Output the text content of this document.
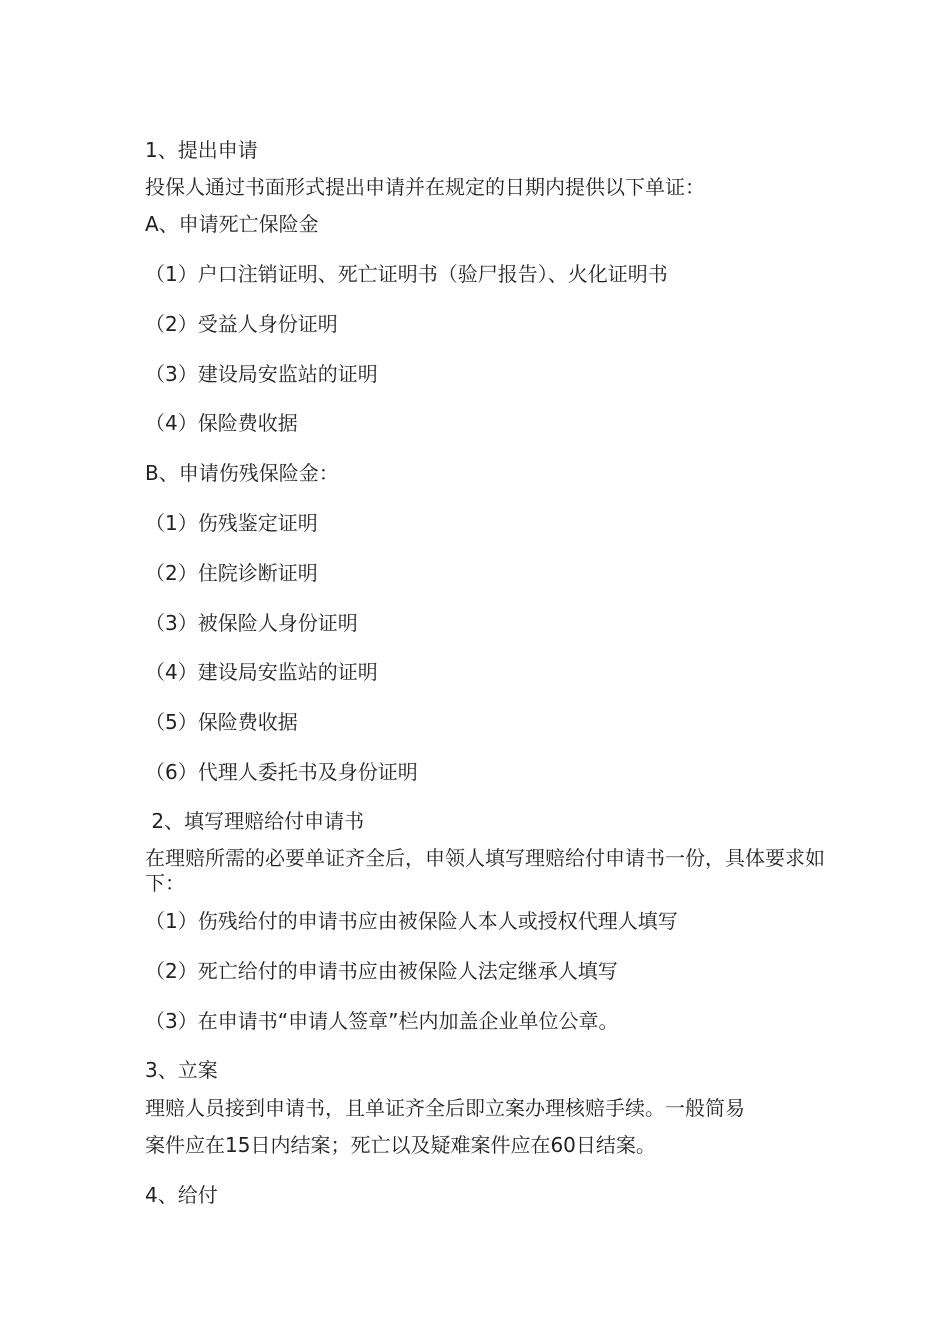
1、提出申请
投保人通过书面形式提出申请并在规定的日期内提供以下单证：
A、申请死亡保险金
（1）户口注销证明、死亡证明书（验尸报告）、火化证明书
（2）受益人身份证明
（3）建设局安监站的证明
（4）保险费收据
B、申请伤残保险金：
（1）伤残鉴定证明
（2）住院诊断证明
（3）被保险人身份证明
（4）建设局安监站的证明
（5）保险费收据
（6）代理人委托书及身份证明
2、填写理赔给付申请书
在理赔所需的必要单证齐全后，申领人填写理赔给付申请书一份，具体要求如下：
（1）伤残给付的申请书应由被保险人本人或授权代理人填写
（2）死亡给付的申请书应由被保险人法定继承人填写
（3）在申请书“申请人签章”栏内加盖企业单位公章。
3、立案
理赔人员接到申请书，且单证齐全后即立案办理核赔手续。一般简易
案件应在15日内结案；死亡以及疑难案件应在60日结案。
4、给付
